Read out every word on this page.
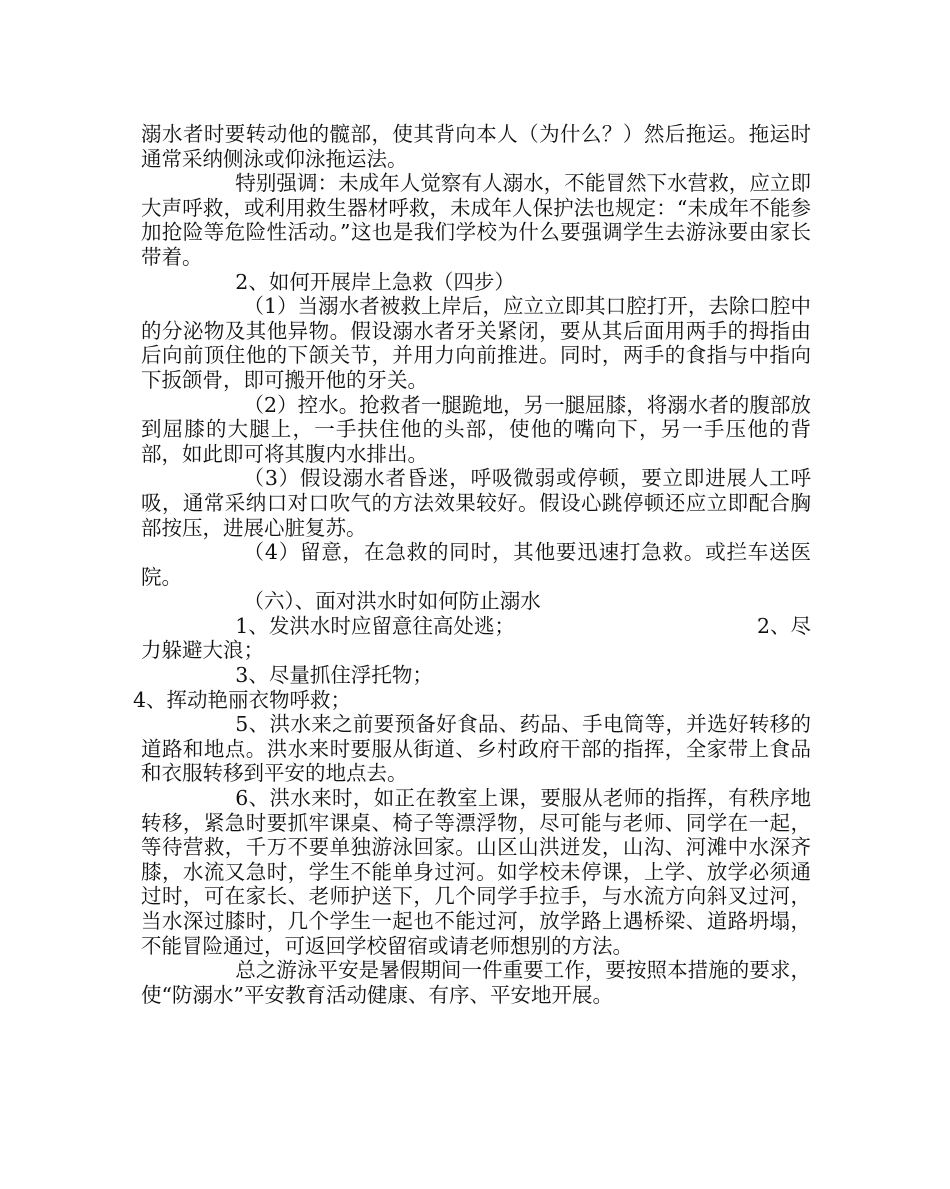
溺水者时要转动他的髋部，使其背向本人（为什么？）然后拖运。拖运时通常采纳侧泳或仰泳拖运法。

特别强调：未成年人觉察有人溺水，不能冒然下水营救，应立即大声呼救，或利用救生器材呼救，未成年人保护法也规定：“未成年不能参加抢险等危险性活动。”这也是我们学校为什么要强调学生去游泳要由家长带着。

2、如何开展岸上急救（四步）

（1）当溺水者被救上岸后，应立立即其口腔打开，去除口腔中的分泌物及其他异物。假设溺水者牙关紧闭，要从其后面用两手的拇指由后向前顶住他的下颌关节，并用力向前推进。同时，两手的食指与中指向下扳颌骨，即可搬开他的牙关。

（2）控水。抢救者一腿跪地，另一腿屈膝，将溺水者的腹部放到屈膝的大腿上，一手扶住他的头部，使他的嘴向下，另一手压他的背部，如此即可将其腹内水排出。

（3）假设溺水者昏迷，呼吸微弱或停顿，要立即进展人工呼吸，通常采纳口对口吹气的方法效果较好。假设心跳停顿还应立即配合胸部按压，进展心脏复苏。

（4）留意，在急救的同时，其他要迅速打急救。或拦车送医院。

（六）、面对洪水时如何防止溺水

1、发洪水时应留意往高处逃；	2、尽

力躲避大浪；

3、尽量抓住浮托物；

4、挥动艳丽衣物呼救；

5、洪水来之前要预备好食品、药品、手电筒等，并选好转移的道路和地点。洪水来时要服从街道、乡村政府干部的指挥，全家带上食品和衣服转移到平安的地点去。

6、洪水来时，如正在教室上课，要服从老师的指挥，有秩序地转移，紧急时要抓牢课桌、椅子等漂浮物，尽可能与老师、同学在一起，等待营救，千万不要单独游泳回家。山区山洪迸发，山沟、河滩中水深齐膝，水流又急时，学生不能单身过河。如学校未停课，上学、放学必须通过时，可在家长、老师护送下，几个同学手拉手，与水流方向斜叉过河，当水深过膝时，几个学生一起也不能过河，放学路上遇桥梁、道路坍塌，不能冒险通过，可返回学校留宿或请老师想别的方法。

总之游泳平安是暑假期间一件重要工作，要按照本措施的要求，使“防溺水”平安教育活动健康、有序、平安地开展。
